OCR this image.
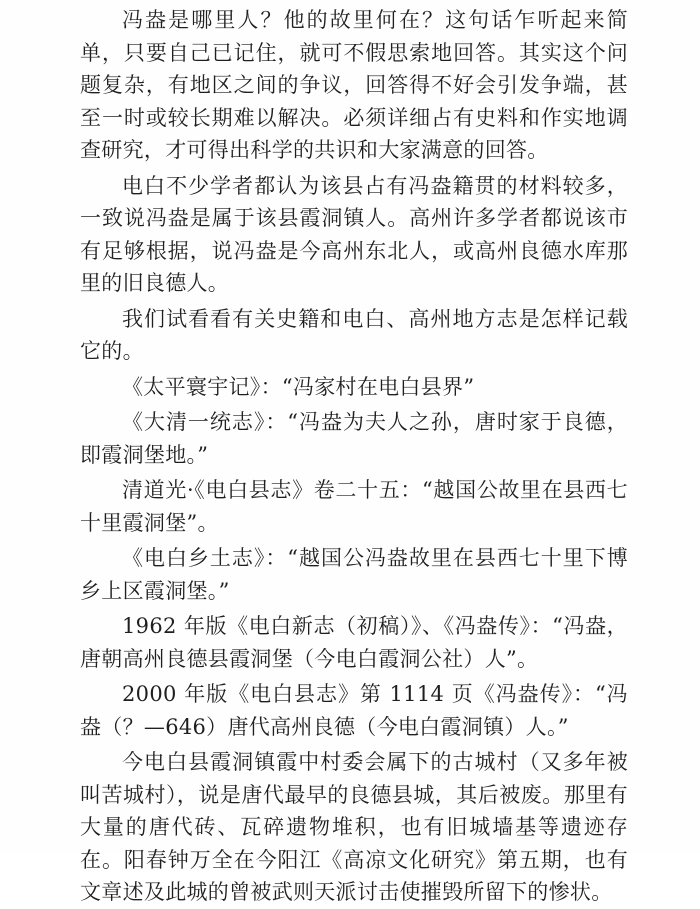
冯盎是哪里人？他的故里何在？这句话乍听起来简单，只要自己已记住，就可不假思索地回答。其实这个问题复杂，有地区之间的争议，回答得不好会引发争端，甚至一时或较长期难以解决。必须详细占有史料和作实地调查研究，才可得出科学的共识和大家满意的回答。

电白不少学者都认为该县占有冯盎籍贯的材料较多，一致说冯盎是属于该县霞洞镇人。高州许多学者都说该市有足够根据，说冯盎是今高州东北人，或高州良德水库那里的旧良德人。

我们试看看有关史籍和电白、高州地方志是怎样记载它的。

《太平寰宇记》：“冯家村在电白县界”

《大清一统志》：“冯盎为夫人之孙，唐时家于良德，即霞洞堡地。”

清道光·《电白县志》卷二十五：“越国公故里在县西七十里霞洞堡”。

《电白乡土志》：“越国公冯盎故里在县西七十里下博乡上区霞洞堡。”

1962 年版《电白新志（初稿）》、《冯盎传》：“冯盎，唐朝高州良德县霞洞堡（今电白霞洞公社）人”。

2000 年版《电白县志》第 1114 页《冯盎传》：“冯盎（？—646）唐代高州良德（今电白霞洞镇）人。”

今电白县霞洞镇霞中村委会属下的古城村（又多年被叫苦城村），说是唐代最早的良德县城，其后被废。那里有大量的唐代砖、瓦碎遗物堆积，也有旧城墙基等遗迹存在。阳春钟万全在今阳江《高凉文化研究》第五期，也有文章述及此城的曾被武则天派讨击使摧毁所留下的惨状。
